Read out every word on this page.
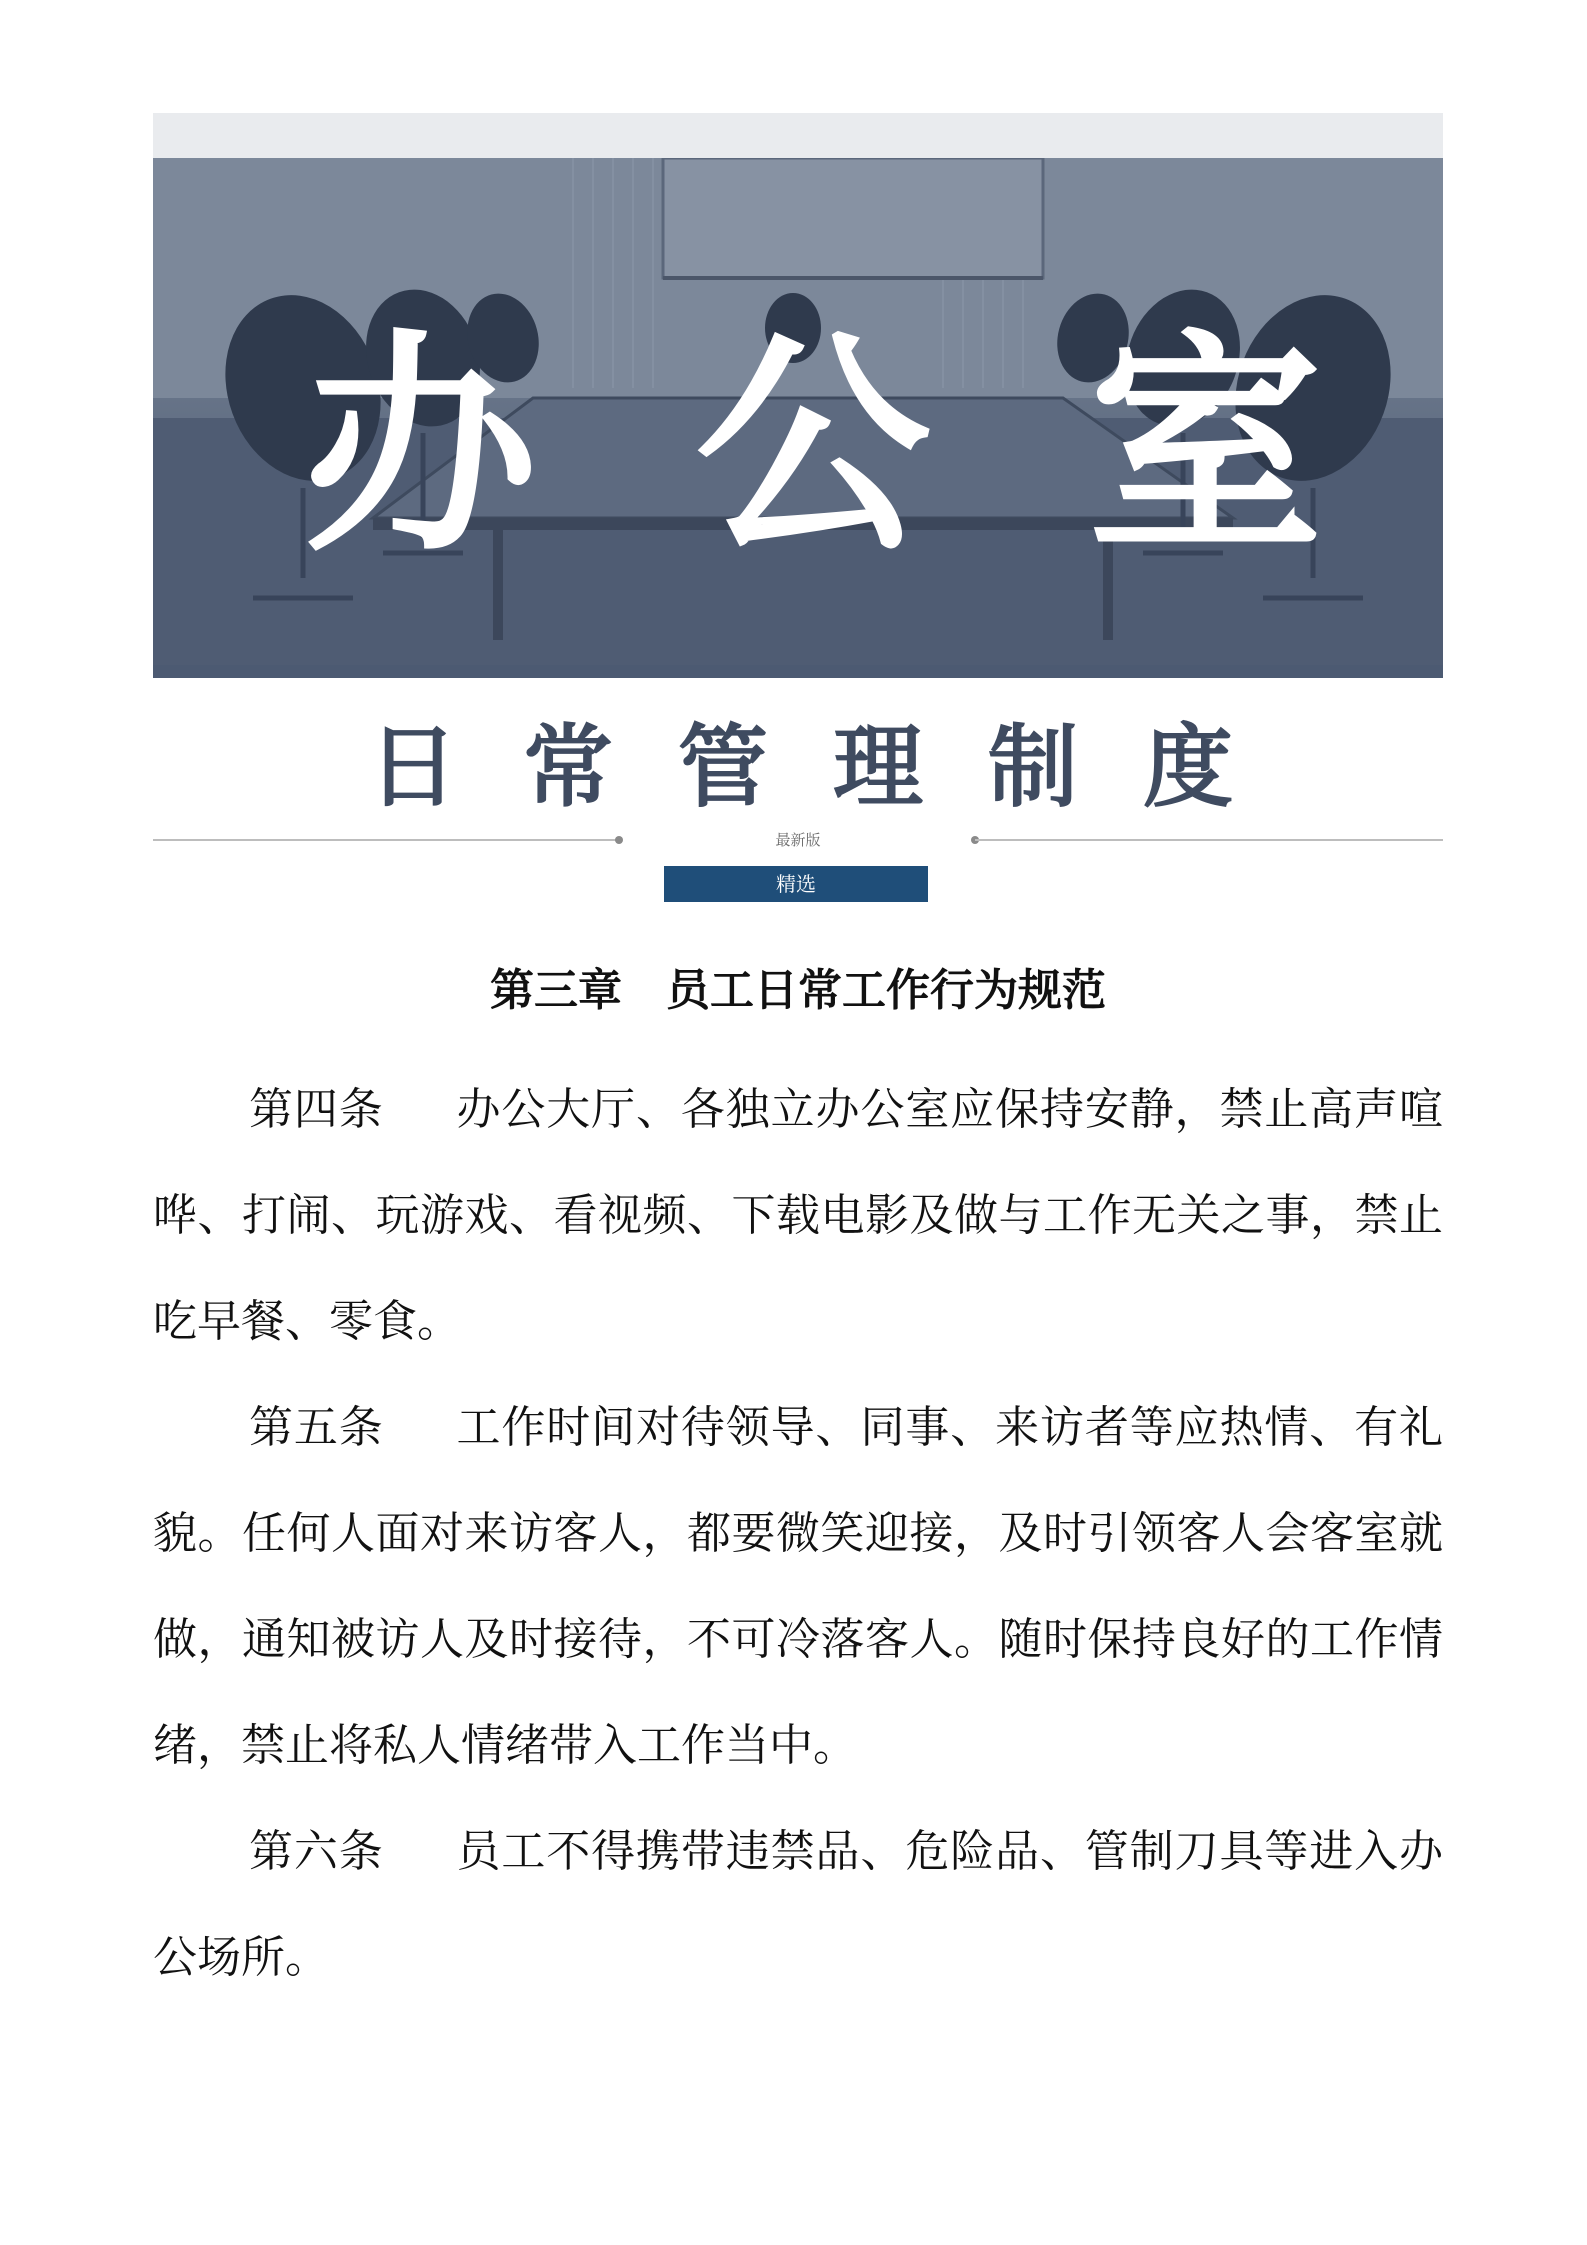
办 公 室
日 常 管 理 制 度
最新版
精选
第三章 员工日常工作行为规范

第四条 办公大厅、各独立办公室应保持安静，禁止高声喧哗、打闹、玩游戏、看视频、下载电影及做与工作无关之事，禁止吃早餐、零食。

第五条 工作时间对待领导、同事、来访者等应热情、有礼貌。任何人面对来访客人，都要微笑迎接，及时引领客人会客室就做，通知被访人及时接待，不可冷落客人。随时保持良好的工作情绪，禁止将私人情绪带入工作当中。

第六条 员工不得携带违禁品、危险品、管制刀具等进入办公场所。
